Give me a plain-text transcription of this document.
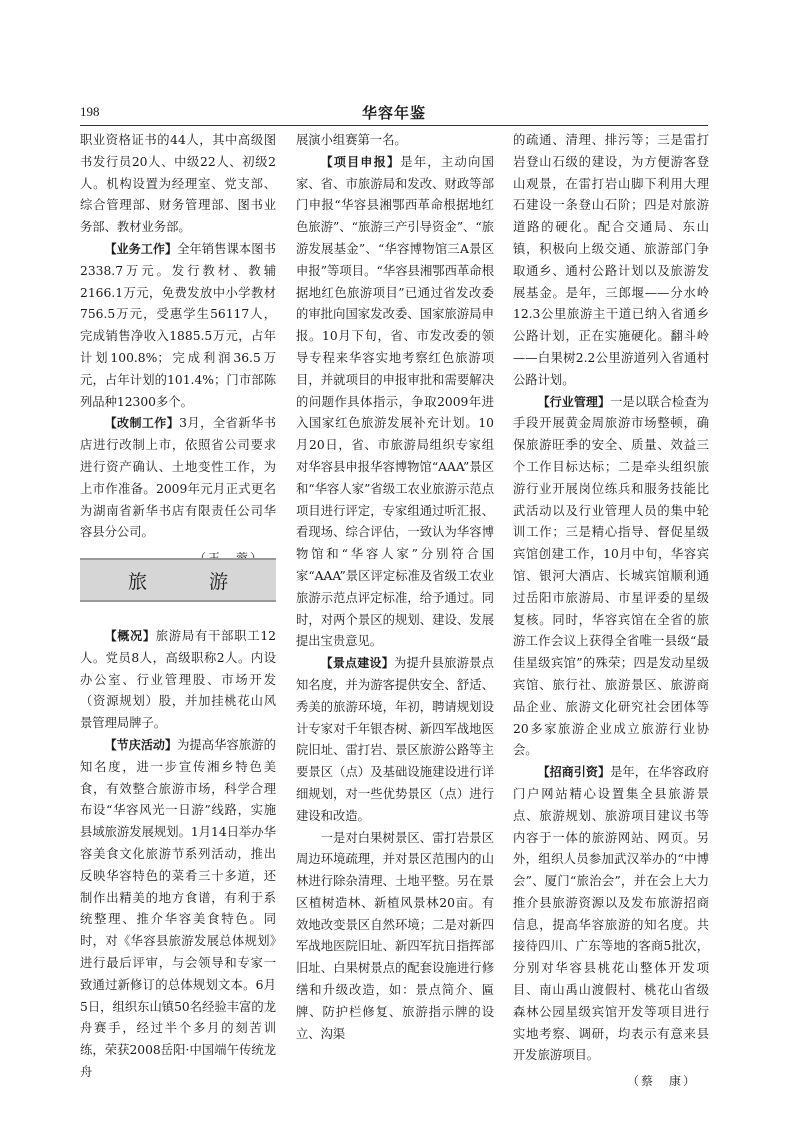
198	华容年鉴

职业资格证书的44人，其中高级图书发行员20人、中级22人、初级2人。机构设置为经理室、党支部、综合管理部、财务管理部、图书业务部、教材业务部。

【业务工作】全年销售课本图书2338.7万元。发行教材、教辅2166.1万元，免费发放中小学教材756.5万元，受惠学生56117人，完成销售净收入1885.5万元，占年计划100.8%；完成利润36.5万元，占年计划的101.4%；门市部陈列品种12300多个。

【改制工作】3月，全省新华书店进行改制上市，依照省公司要求进行资产确认、土地变性工作，为上市作准备。2009年元月正式更名为湖南省新华书店有限责任公司华容县分公司。

旅 游

【概况】旅游局有干部职工12人。党员8人，高级职称2人。内设办公室、行业管理股、市场开发（资源规划）股，并加挂桃花山风景管理局牌子。

【节庆活动】为提高华容旅游的知名度，进一步宣传湘乡特色美食，有效整合旅游市场，科学合理布设“华容风光一日游”线路，实施县域旅游发展规划。1月14日举办华容美食文化旅游节系列活动，推出反映华容特色的菜肴三十多道，还制作出精美的地方食谱，有利于系统整理、推介华容美食特色。同时，对《华容县旅游发展总体规划》进行最后评审，与会领导和专家一致通过新修订的总体规划文本。6月5日，组织东山镇50名经验丰富的龙舟赛手，经过半个多月的刻苦训练，荣获2008岳阳·中国端午传统龙舟

展演小组赛第一名。

【项目申报】是年，主动向国家、省、市旅游局和发改、财政等部门申报“华容县湘鄂西革命根据地红色旅游”、“旅游三产引导资金”、“旅游发展基金”、“华容博物馆三A景区申报”等项目。“华容县湘鄂西革命根据地红色旅游项目”已通过省发改委的审批向国家发改委、国家旅游局申报。10月下旬，省、市发改委的领导专程来华容实地考察红色旅游项目，并就项目的申报审批和需要解决的问题作具体指示，争取2009年进入国家红色旅游发展补充计划。10月20日，省、市旅游局组织专家组对华容县申报华容博物馆“AAA”景区和“华容人家”省级工农业旅游示范点项目进行评定，专家组通过听汇报、看现场、综合评估，一致认为华容博物馆和“华容人家”分别符合国家“AAA”景区评定标准及省级工农业旅游示范点评定标准，给予通过。同时，对两个景区的规划、建设、发展提出宝贵意见。

【景点建设】为提升县旅游景点知名度，并为游客提供安全、舒适、秀美的旅游环境，年初，聘请规划设计专家对千年银杏树、新四军战地医院旧址、雷打岩、景区旅游公路等主要景区（点）及基础设施建设进行详细规划，对一些优势景区（点）进行建设和改造。

一是对白果树景区、雷打岩景区周边环境疏理，并对景区范围内的山林进行除杂清理、土地平整。另在景区植树造林、新植风景林20亩。有效地改变景区自然环境；二是对新四军战地医院旧址、新四军抗日指挥部旧址、白果树景点的配套设施进行修缮和升级改造，如：景点简介、匾牌、防护栏修复、旅游指示牌的设立、沟渠

的疏通、清理、排污等；三是雷打岩登山石级的建设，为方便游客登山观景，在雷打岩山脚下利用大理石建设一条登山石阶；四是对旅游道路的硬化。配合交通局、东山镇，积极向上级交通、旅游部门争取通乡、通村公路计划以及旅游发展基金。是年，三郎堰——分水岭12.3公里旅游主干道已纳入省通乡公路计划，正在实施硬化。翻斗岭——白果树2.2公里游道列入省通村公路计划。

【行业管理】一是以联合检查为手段开展黄金周旅游市场整顿，确保旅游旺季的安全、质量、效益三个工作目标达标；二是牵头组织旅游行业开展岗位练兵和服务技能比武活动以及行业管理人员的集中轮训工作；三是精心指导、督促星级宾馆创建工作，10月中旬，华容宾馆、银河大酒店、长城宾馆顺利通过岳阳市旅游局、市星评委的星级复核。同时，华容宾馆在全省的旅游工作会议上获得全省唯一县级“最佳星级宾馆”的殊荣；四是发动星级宾馆、旅行社、旅游景区、旅游商品企业、旅游文化研究社会团体等20多家旅游企业成立旅游行业协会。

【招商引资】是年，在华容政府门户网站精心设置集全县旅游景点、旅游规划、旅游项目建议书等内容于一体的旅游网站、网页。另外，组织人员参加武汉举办的“中博会”、厦门“旅治会”，并在会上大力推介县旅游资源以及发布旅游招商信息，提高华容旅游的知名度。共接待四川、广东等地的客商5批次，分别对华容县桃花山整体开发项目、南山禹山渡假村、桃花山省级森林公园星级宾馆开发等项目进行实地考察、调研，均表示有意来县开发旅游项目。

（蔡　康）
